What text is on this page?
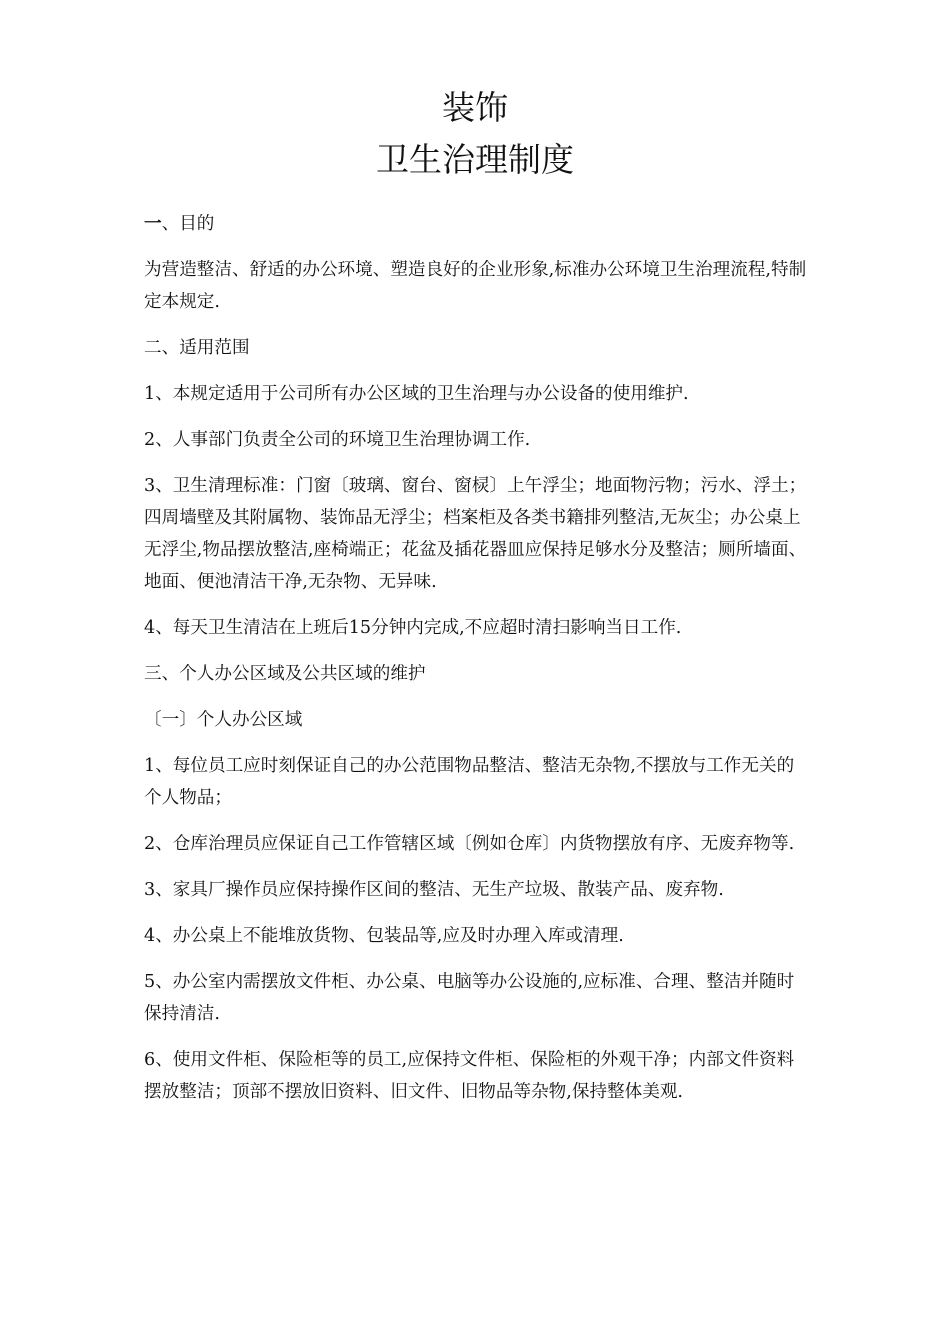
装饰
卫生治理制度
一、目的

为营造整洁、舒适的办公环境、塑造良好的企业形象,标准办公环境卫生治理流程,特制定本规定.

二、适用范围

1、本规定适用于公司所有办公区域的卫生治理与办公设备的使用维护.

2、人事部门负责全公司的环境卫生治理协调工作.

3、卫生清理标准：门窗〔玻璃、窗台、窗棂〕上午浮尘；地面物污物；污水、浮土；四周墙壁及其附属物、装饰品无浮尘；档案柜及各类书籍排列整洁,无灰尘；办公桌上无浮尘,物品摆放整洁,座椅端正；花盆及插花器皿应保持足够水分及整洁；厕所墙面、地面、便池清洁干净,无杂物、无异味.

4、每天卫生清洁在上班后15分钟内完成,不应超时清扫影响当日工作.

三、个人办公区域及公共区域的维护
〔一〕个人办公区域

1、每位员工应时刻保证自己的办公范围物品整洁、整洁无杂物,不摆放与工作无关的个人物品；

2、仓库治理员应保证自己工作管辖区域〔例如仓库〕内货物摆放有序、无废弃物等.

3、家具厂操作员应保持操作区间的整洁、无生产垃圾、散装产品、废弃物.

4、办公桌上不能堆放货物、包装品等,应及时办理入库或清理.

5、办公室内需摆放文件柜、办公桌、电脑等办公设施的,应标准、合理、整洁并随时保持清洁.

6、使用文件柜、保险柜等的员工,应保持文件柜、保险柜的外观干净；内部文件资料摆放整洁；顶部不摆放旧资料、旧文件、旧物品等杂物,保持整体美观.
